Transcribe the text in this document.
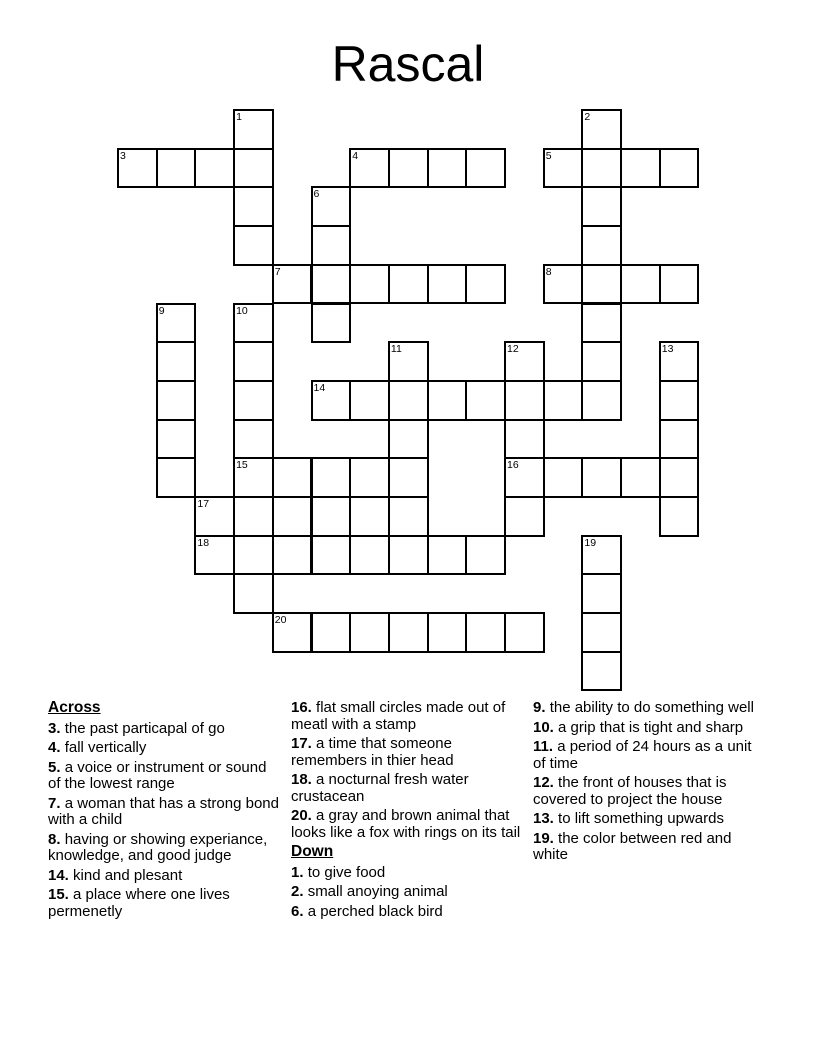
Rascal
1	2
3	4	5
6
7	8
9	10
15
11	12
16
13
14
17
18	19
20
Across
3. the past particapal of go
4. fall vertically
5. a voice or instrument or sound of the lowest range
7. a woman that has a strong bond with a child
8. having or showing experiance, knowledge, and good judge
14. kind and plesant
15. a place where one lives permenetly
16. flat small circles made out of meatl with a stamp
17. a time that someone remembers in thier head
18. a nocturnal fresh water crustacean
20. a gray and brown animal that looks like a fox with rings on its tail
Down
1. to give food
2. small anoying animal
6. a perched black bird
9. the ability to do something well
10. a grip that is tight and sharp
11. a period of 24 hours as a unit of time
12. the front of houses that is covered to project the house
13. to lift something upwards
19. the color between red and white
